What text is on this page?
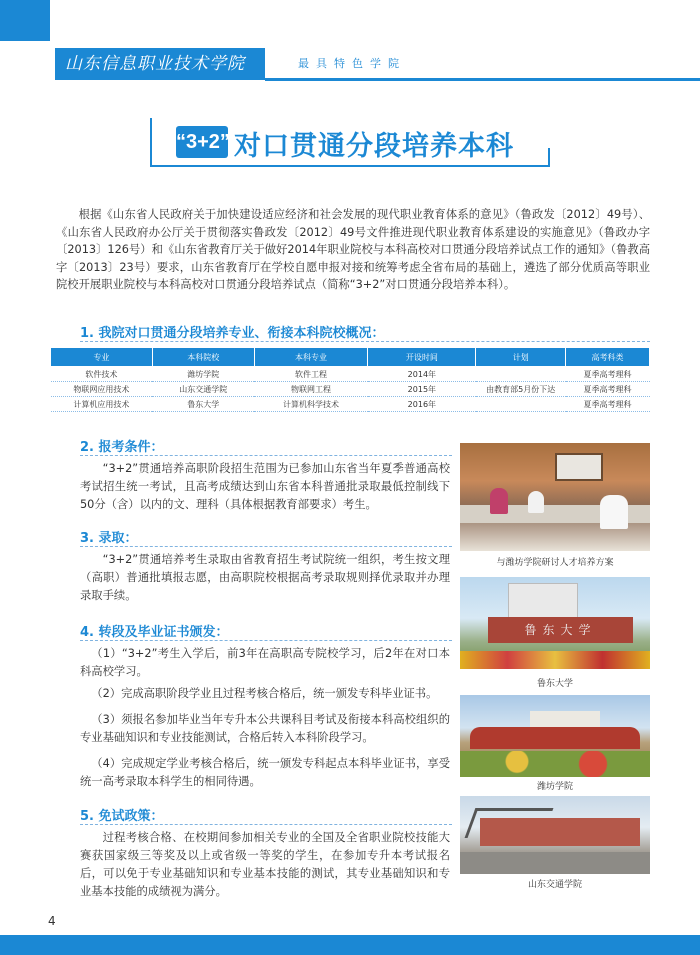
山东信息职业技术学院	最具特色学院
“3+2” 对口贯通分段培养本科

根据《山东省人民政府关于加快建设适应经济和社会发展的现代职业教育体系的意见》（鲁政发〔2012〕49号）、《山东省人民政府办公厅关于贯彻落实鲁政发〔2012〕49号文件推进现代职业教育体系建设的实施意见》（鲁政办字〔2013〕126号）和《山东省教育厅关于做好2014年职业院校与本科高校对口贯通分段培养试点工作的通知》（鲁教高字〔2013〕23号）要求，山东省教育厅在学校自愿申报对接和统筹考虑全省布局的基础上，遴选了部分优质高等职业院校开展职业院校与本科高校对口贯通分段培养试点（简称“3+2”对口贯通分段培养本科）。

1. 我院对口贯通分段培养专业、衔接本科院校概况：
专业	本科院校	本科专业	开设时间	计划	高考科类
软件技术	潍坊学院	软件工程	2014年		夏季高考理科
物联网应用技术	山东交通学院	物联网工程	2015年	由教育部5月份下达	夏季高考理科
计算机应用技术	鲁东大学	计算机科学技术	2016年		夏季高考理科
2. 报考条件：

“3+2”贯通培养高职阶段招生范围为已参加山东省当年夏季普通高校考试招生统一考试，且高考成绩达到山东省本科普通批录取最低控制线下50分（含）以内的文、理科（具体根据教育部要求）考生。

3. 录取：

“3+2”贯通培养考生录取由省教育招生考试院统一组织，考生按文理（高职）普通批填报志愿，由高职院校根据高考录取规则择优录取并办理录取手续。

4. 转段及毕业证书颁发：

（1）“3+2”考生入学后，前3年在高职高专院校学习，后2年在对口本科高校学习。

（2）完成高职阶段学业且过程考核合格后，统一颁发专科毕业证书。

（3）须报名参加毕业当年专升本公共课科目考试及衔接本科高校组织的专业基础知识和专业技能测试，合格后转入本科阶段学习。

（4）完成规定学业考核合格后，统一颁发专科起点本科毕业证书，享受统一高考录取本科学生的相同待遇。

5. 免试政策：

过程考核合格、在校期间参加相关专业的全国及全省职业院校技能大赛获国家级三等奖及以上或省级一等奖的学生，在参加专升本考试报名后，可以免于专业基础知识和专业基本技能的测试，其专业基础知识和专业基本技能的成绩视为满分。

与潍坊学院研讨人才培养方案
鲁东大学
鲁东大学
潍坊学院
山东交通学院
4
